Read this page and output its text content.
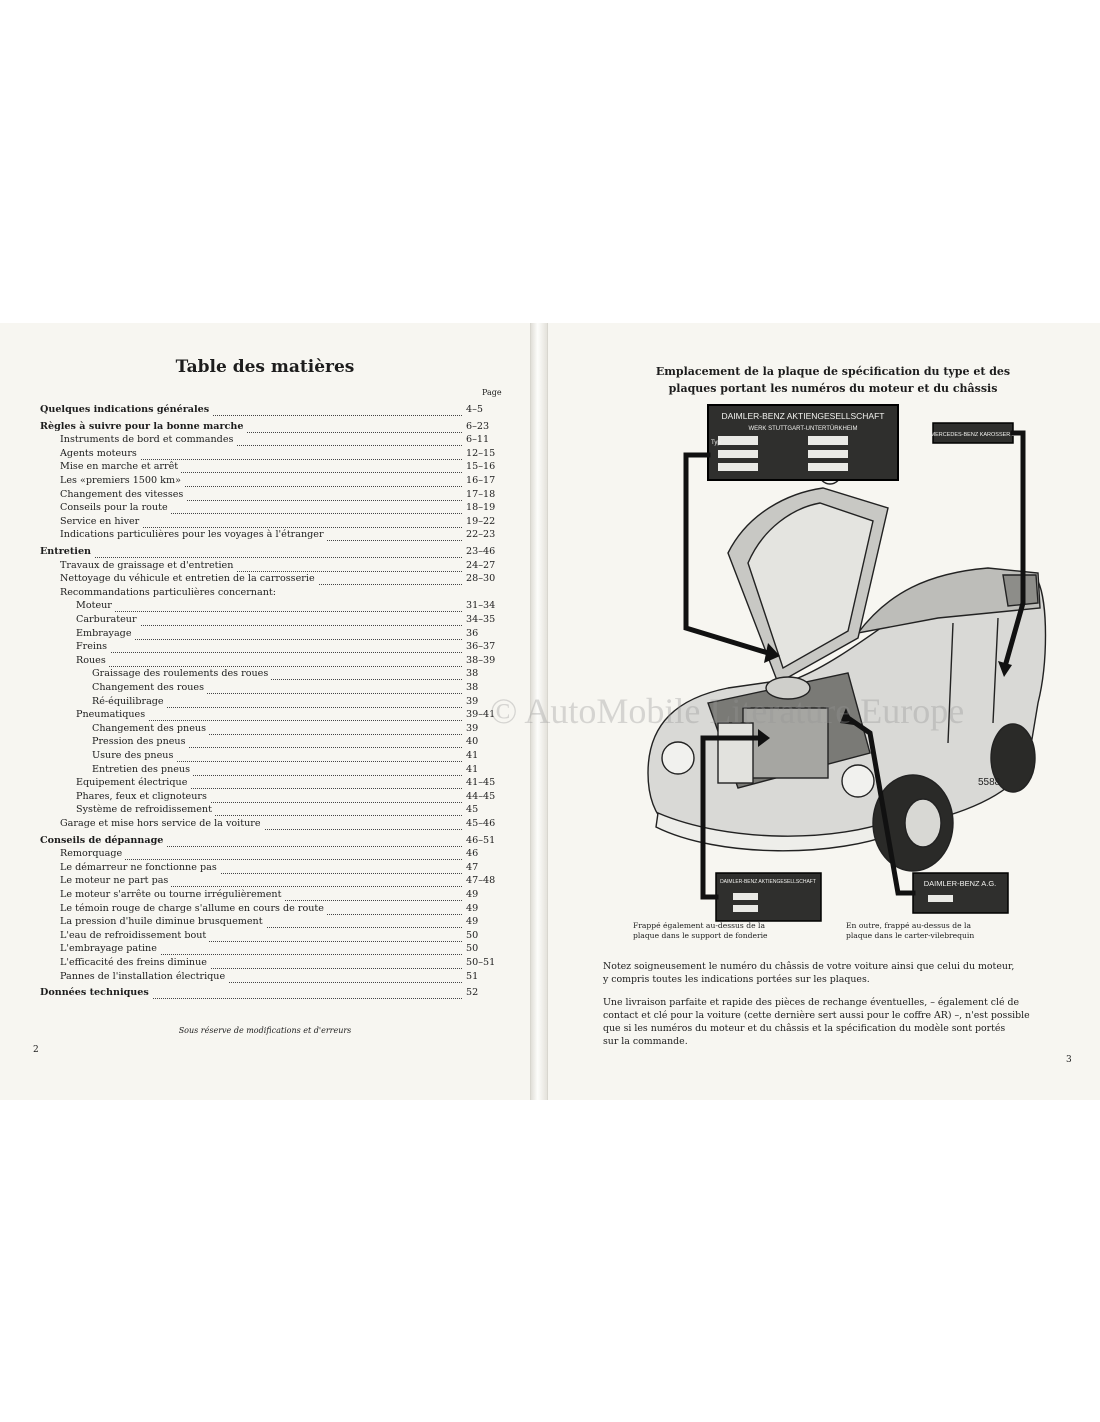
Table des matières
Page
Quelques indications générales	4–5
Règles à suivre pour la bonne marche	6–23
Instruments de bord et commandes	6–11
Agents moteurs	12–15
Mise en marche et arrêt	15–16
Les «premiers 1500 km»	16–17
Changement des vitesses	17–18
Conseils pour la route	18–19
Service en hiver	19–22
Indications particulières pour les voyages à l'étranger	22–23
Entretien	23–46
Travaux de graissage et d'entretien	24–27
Nettoyage du véhicule et entretien de la carrosserie	28–30
Recommandations particulières concernant:
Moteur	31–34
Carburateur	34–35
Embrayage	36
Freins	36–37
Roues	38–39
Graissage des roulements des roues	38
Changement des roues	38
Ré-équilibrage	39
Pneumatiques	39–41
Changement des pneus	39
Pression des pneus	40
Usure des pneus	41
Entretien des pneus	41
Equipement électrique	41–45
Phares, feux et clignoteurs	44–45
Système de refroidissement	45
Garage et mise hors service de la voiture	45–46
Conseils de dépannage	46–51
Remorquage	46
Le démarreur ne fonctionne pas	47
Le moteur ne part pas	47–48
Le moteur s'arrête ou tourne irrégulièrement	49
Le témoin rouge de charge s'allume en cours de route	49
La pression d'huile diminue brusquement	49
L'eau de refroidissement bout	50
L'embrayage patine	50
L'efficacité des freins diminue	50–51
Pannes de l'installation électrique	51
Données techniques	52
Sous réserve de modifications et d'erreurs
2
Emplacement de la plaque de spécification du type et des
plaques portant les numéros du moteur et du châssis
DAIMLER-BENZ AKTIENGESELLSCHAFT
WERK STUTTGART-UNTERTÜRKHEIM
Typ
MERCEDES-BENZ KAROSSERIE
DAIMLER-BENZ AKTIENGESELLSCHAFT	DAIMLER-BENZ A.G.
5588
Frappé également au-dessus de la
plaque dans le support de fonderie
En outre, frappé au-dessus de la
plaque dans le carter-vilebrequin
Notez soigneusement le numéro du châssis de votre voiture ainsi que celui du moteur,
y compris toutes les indications portées sur les plaques.
Une livraison parfaite et rapide des pièces de rechange éventuelles, – également clé de
contact et clé pour la voiture (cette dernière sert aussi pour le coffre AR) –, n'est possible
que si les numéros du moteur et du châssis et la spécification du modèle sont portés
sur la commande.
3
© AutoMobile Literature Europe
